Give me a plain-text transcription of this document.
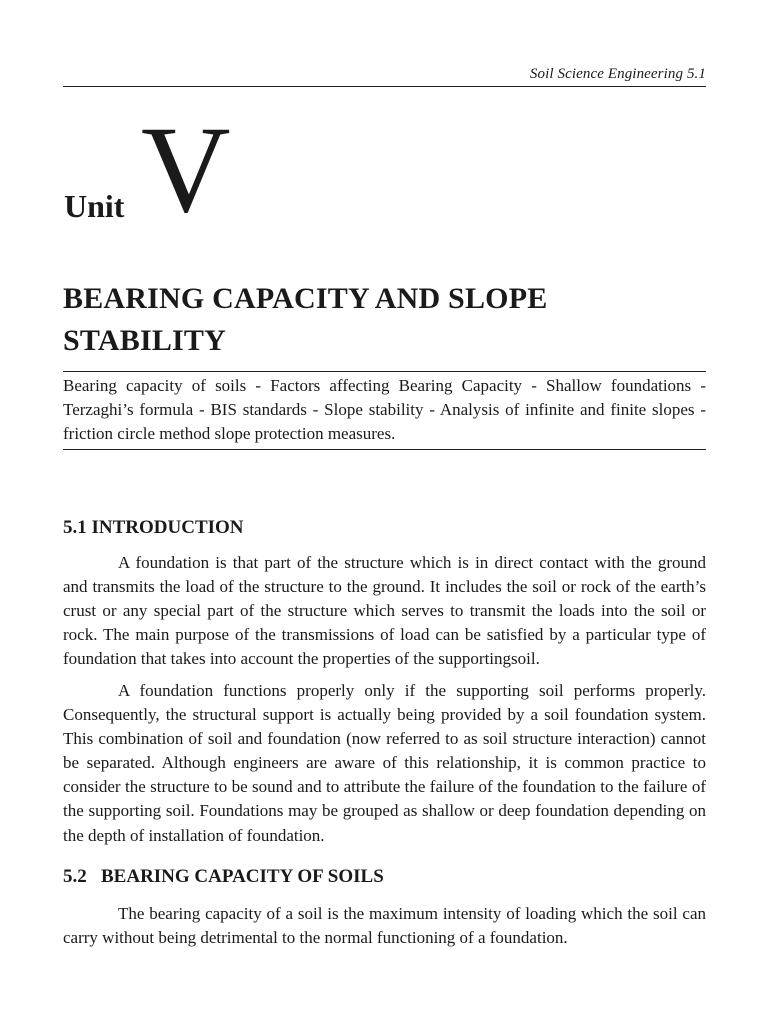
Soil Science Engineering 5.1
Unit V
BEARING CAPACITY AND SLOPE STABILITY
Bearing capacity of soils - Factors affecting Bearing Capacity - Shallow foundations - Terzaghi’s formula - BIS standards - Slope stability - Analysis of infinite and finite slopes - friction circle method slope protection measures.
5.1 INTRODUCTION

A foundation is that part of the structure which is in direct contact with the ground and transmits the load of the structure to the ground. It includes the soil or rock of the earth’s crust or any special part of the structure which serves to transmit the loads into the soil or rock. The main purpose of the transmissions of load can be satisfied by a particular type of foundation that takes into account the properties of the supportingsoil.

A foundation functions properly only if the supporting soil performs properly. Consequently, the structural support is actually being provided by a soil foundation system. This combination of soil and foundation (now referred to as soil structure interaction) cannot be separated. Although engineers are aware of this relationship, it is common practice to consider the structure to be sound and to attribute the failure of the foundation to the failure of the supporting soil. Foundations may be grouped as shallow or deep foundation depending on the depth of installation of foundation.

5.2   BEARING CAPACITY OF SOILS

The bearing capacity of a soil is the maximum intensity of loading which the soil can carry without being detrimental to the normal functioning of a foundation.
